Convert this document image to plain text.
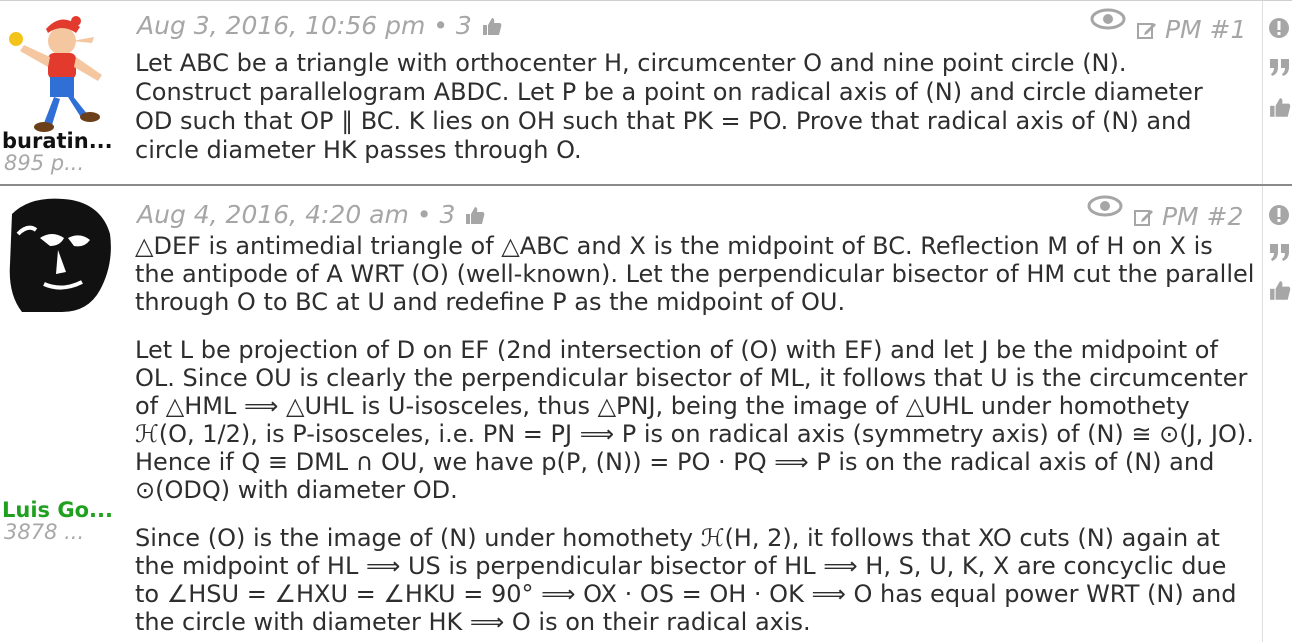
buratin...
895 p...
Aug 3, 2016, 10:56 pm • 3	PM #1

Let ABC be a triangle with orthocenter H, circumcenter O and nine point circle (N). Construct parallelogram ABDC. Let P be a point on radical axis of (N) and circle diameter OD such that OP ∥ BC. K lies on OH such that PK = PO. Prove that radical axis of (N) and circle diameter HK passes through O.

Luis Go...
3878 ...
Aug 4, 2016, 4:20 am • 3	PM #2

△DEF is antimedial triangle of △ABC and X is the midpoint of BC. Reflection M of H on X is the antipode of A WRT (O) (well-known). Let the perpendicular bisector of HM cut the parallel through O to BC at U and redefine P as the midpoint of OU.

Let L be projection of D on EF (2nd intersection of (O) with EF) and let J be the midpoint of OL. Since OU is clearly the perpendicular bisector of ML, it follows that U is the circumcenter of △HML ⟹ △UHL is U-isosceles, thus △PNJ, being the image of △UHL under homothety ℋ(O, 1/2), is P-isosceles, i.e. PN = PJ ⟹ P is on radical axis (symmetry axis) of (N) ≅ ⊙(J, JO). Hence if Q ≡ DML ∩ OU, we have p(P, (N)) = PO · PQ ⟹ P is on the radical axis of (N) and ⊙(ODQ) with diameter OD.

Since (O) is the image of (N) under homothety ℋ(H, 2), it follows that XO cuts (N) again at the midpoint of HL ⟹ US is perpendicular bisector of HL ⟹ H, S, U, K, X are concyclic due to ∠HSU = ∠HXU = ∠HKU = 90° ⟹ OX · OS = OH · OK ⟹ O has equal power WRT (N) and the circle with diameter HK ⟹ O is on their radical axis.
